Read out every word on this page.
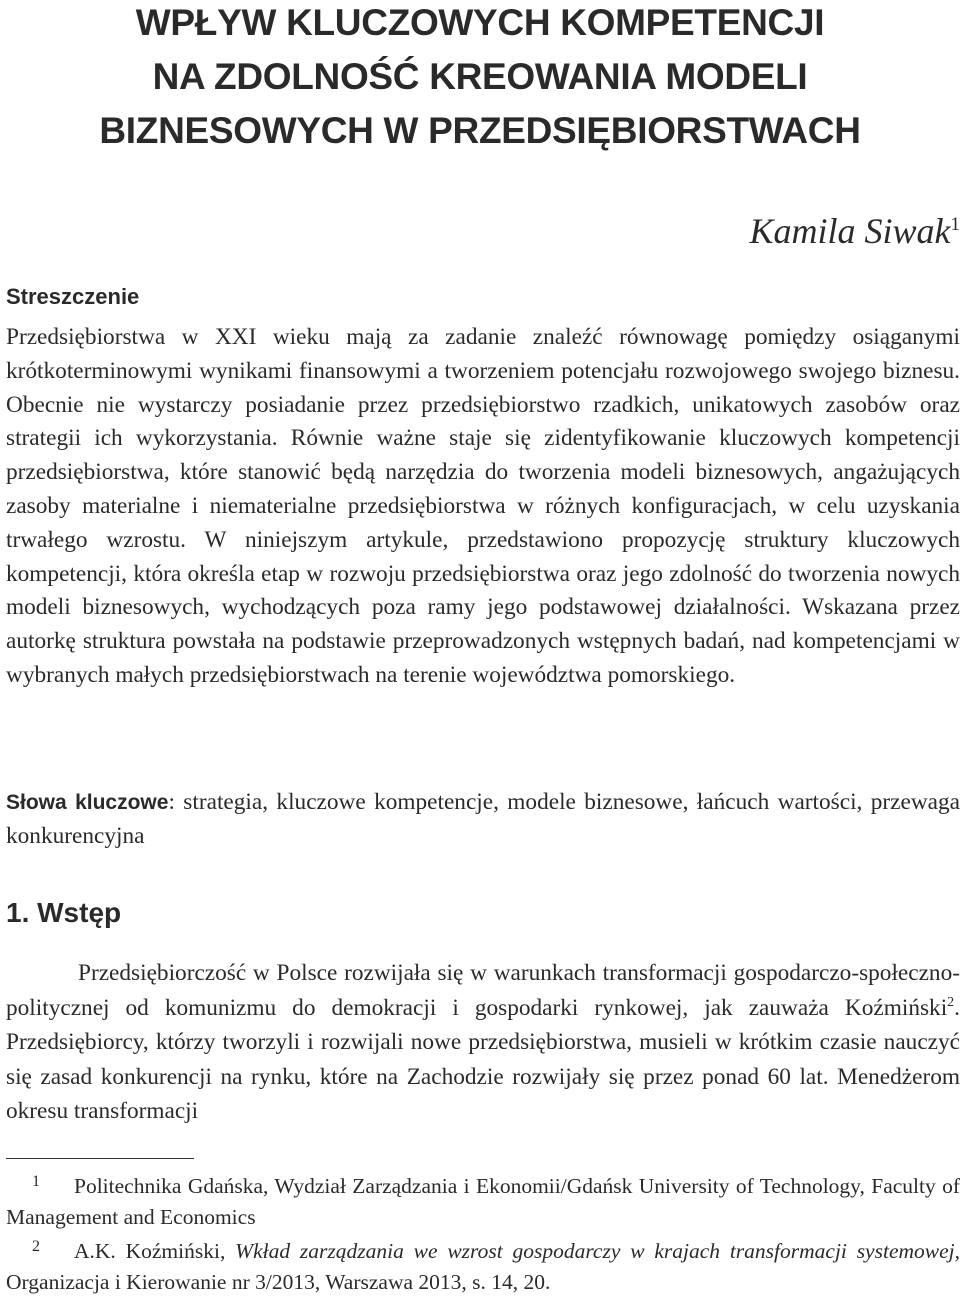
WPŁYW KLUCZOWYCH KOMPETENCJI
NA ZDOLNOŚĆ KREOWANIA MODELI
BIZNESOWYCH W PRZEDSIĘBIORSTWACH
Kamila Siwak$^1$
Streszczenie

Przedsiębiorstwa w XXI wieku mają za zadanie znaleźć równowagę pomiędzy osiąganymi krótkoterminowymi wynikami finansowymi a tworzeniem potencjału rozwojowego swojego biznesu. Obecnie nie wystarczy posiadanie przez przedsiębiorstwo rzadkich, unikatowych zasobów oraz strategii ich wykorzystania. Równie ważne staje się zidentyfikowanie kluczowych kompetencji przedsiębiorstwa, które stanowić będą narzędzia do tworzenia modeli biznesowych, angażujących zasoby materialne i niematerialne przedsiębiorstwa w różnych konfiguracjach, w celu uzyskania trwałego wzrostu. W niniejszym artykule, przedstawiono propozycję struktury kluczowych kompetencji, która określa etap w rozwoju przedsiębiorstwa oraz jego zdolność do tworzenia nowych modeli biznesowych, wychodzących poza ramy jego podstawowej działalności. Wskazana przez autorkę struktura powstała na podstawie przeprowadzonych wstępnych badań, nad kompetencjami w wybranych małych przedsiębiorstwach na terenie województwa pomorskiego.

Słowa kluczowe: strategia, kluczowe kompetencje, modele biznesowe, łańcuch wartości, przewaga konkurencyjna

1. Wstęp

Przedsiębiorczość w Polsce rozwijała się w warunkach transformacji gospodarczo-społeczno-politycznej od komunizmu do demokracji i gospodarki rynkowej, jak zauważa Koźmiński$^2$. Przedsiębiorcy, którzy tworzyli i rozwijali nowe przedsiębiorstwa, musieli w krótkim czasie nauczyć się zasad konkurencji na rynku, które na Zachodzie rozwijały się przez ponad 60 lat. Menedżerom okresu transformacji

1 Politechnika Gdańska, Wydział Zarządzania i Ekonomii/Gdańsk University of Technology, Faculty of Management and Economics

2 A.K. Koźmiński, Wkład zarządzania we wzrost gospodarczy w krajach transformacji systemowej, Organizacja i Kierowanie nr 3/2013, Warszawa 2013, s. 14, 20.
